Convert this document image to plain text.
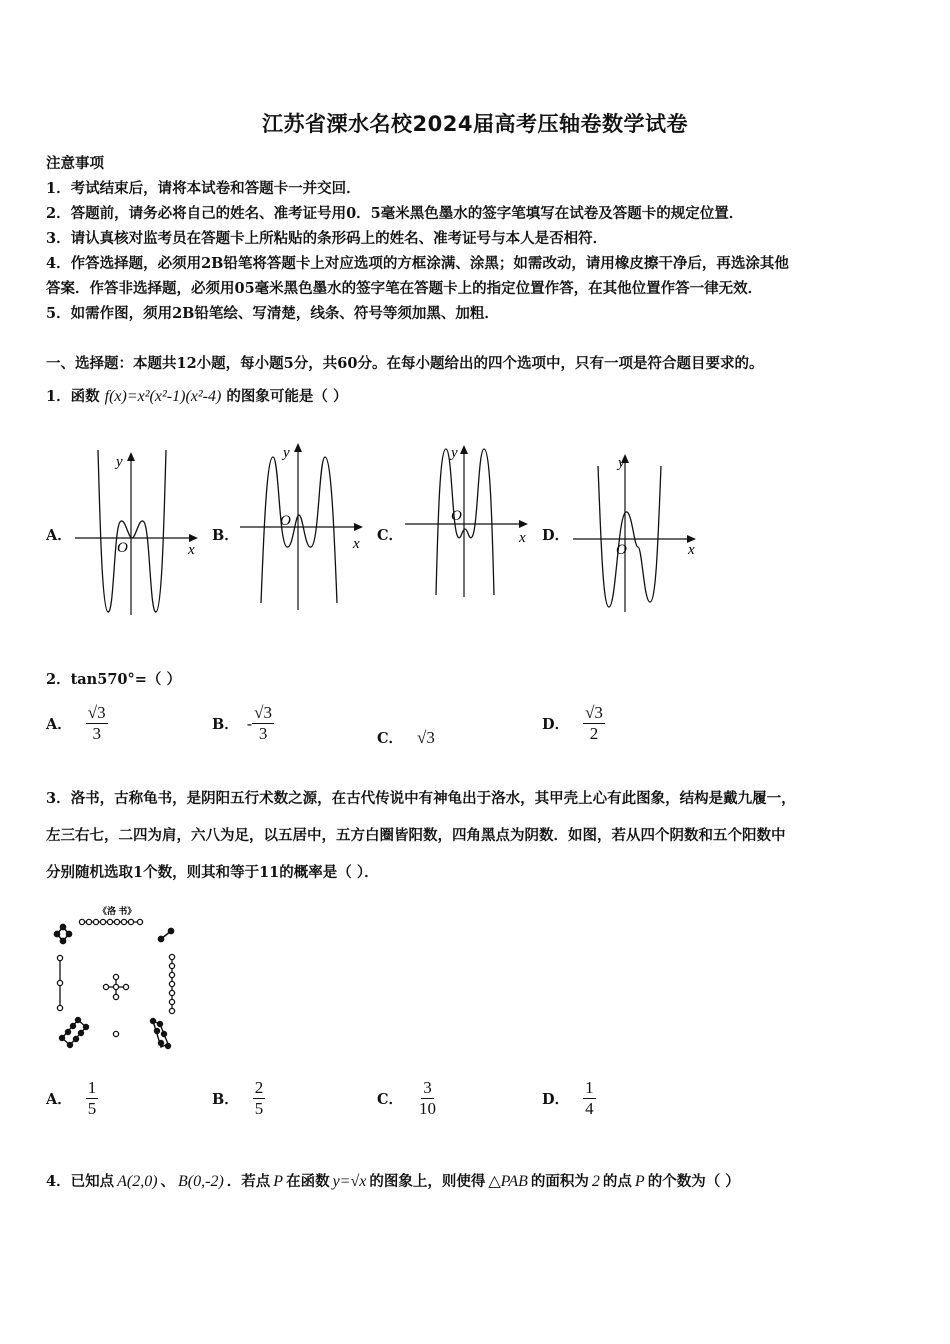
江苏省溧水名校2024届高考压轴卷数学试卷
注意事项
1．考试结束后，请将本试卷和答题卡一并交回．
2．答题前，请务必将自己的姓名、准考证号用0．5毫米黑色墨水的签字笔填写在试卷及答题卡的规定位置．
3．请认真核对监考员在答题卡上所粘贴的条形码上的姓名、准考证号与本人是否相符．
4．作答选择题，必须用2B铅笔将答题卡上对应选项的方框涂满、涂黑；如需改动，请用橡皮擦干净后，再选涂其他
答案．作答非选择题，必须用05毫米黑色墨水的签字笔在答题卡上的指定位置作答，在其他位置作答一律无效．
5．如需作图，须用2B铅笔绘、写清楚，线条、符号等须加黑、加粗．
一、选择题：本题共12小题，每小题5分，共60分。在每小题给出的四个选项中，只有一项是符合题目要求的。
1．函数 f(x)=x²(x²-1)(x²-4) 的图象可能是（ ）
A．	B．	C．	D．
y
x
O
y
x
O
y
x
O
y
x
O
2．tan570°=（ ）
A． $\frac{√3}{3}$	B． - $\frac{√3}{3}$	C． √3
D． $\frac{√3}{2}$
3．洛书，古称龟书，是阴阳五行术数之源，在古代传说中有神龟出于洛水，其甲壳上心有此图象，结构是戴九履一，
左三右七，二四为肩，六八为足，以五居中，五方白圈皆阳数，四角黑点为阴数．如图，若从四个阴数和五个阳数中
分别随机选取1个数，则其和等于11的概率是（ ）．
《洛 书》
A． $\frac{1}{5}$	B． $\frac{2}{5}$	C． $\frac{3}{10}$	D． $\frac{1}{4}$
4．已知点 A(2,0) 、 B(0,-2) ．若点 P 在函数 y=√x 的图象上，则使得 △PAB 的面积为 2 的点 P 的个数为（ ）
